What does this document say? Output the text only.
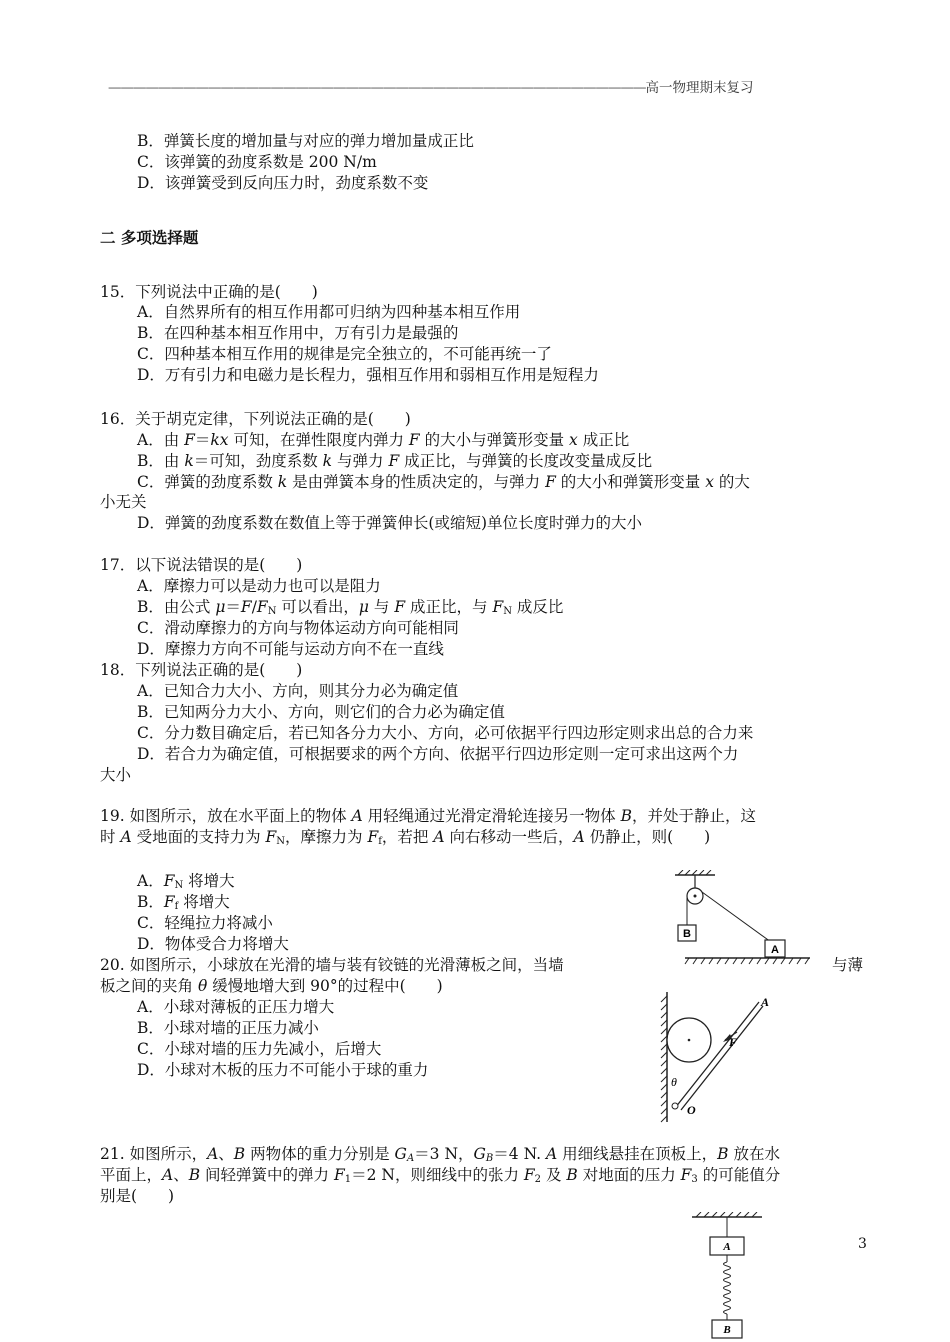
———————————————————————————————————————————高一物理期末复习
B．弹簧长度的增加量与对应的弹力增加量成正比
C．该弹簧的劲度系数是 200 N/m
D．该弹簧受到反向压力时，劲度系数不变
二 多项选择题
15．下列说法中正确的是(　　)
A．自然界所有的相互作用都可归纳为四种基本相互作用
B．在四种基本相互作用中，万有引力是最强的
C．四种基本相互作用的规律是完全独立的，不可能再统一了
D．万有引力和电磁力是长程力，强相互作用和弱相互作用是短程力
16．关于胡克定律，下列说法正确的是(　　)
A．由 F＝kx 可知，在弹性限度内弹力 F 的大小与弹簧形变量 x 成正比
B．由 k＝可知，劲度系数 k 与弹力 F 成正比，与弹簧的长度改变量成反比
C．弹簧的劲度系数 k 是由弹簧本身的性质决定的，与弹力 F 的大小和弹簧形变量 x 的大
小无关
D．弹簧的劲度系数在数值上等于弹簧伸长(或缩短)单位长度时弹力的大小
17．以下说法错误的是(　　)
A．摩擦力可以是动力也可以是阻力
B．由公式 $\mu=F/F_N$ 可以看出，μ 与 F 成正比，与 $F_N$ 成反比
C．滑动摩擦力的方向与物体运动方向可能相同
D．摩擦力方向不可能与运动方向不在一直线
18．下列说法正确的是(　　)
A．已知合力大小、方向，则其分力必为确定值
B．已知两分力大小、方向，则它们的合力必为确定值
C．分力数目确定后，若已知各分力大小、方向，必可依据平行四边形定则求出总的合力来
D．若合力为确定值，可根据要求的两个方向、依据平行四边形定则一定可求出这两个力
大小
19. 如图所示，放在水平面上的物体 A 用轻绳通过光滑定滑轮连接另一物体 B，并处于静止，这
时 A 受地面的支持力为 $F_N$，摩擦力为 $F_f$，若把 A 向右移动一些后，A 仍静止，则(　　)
A．$F_N$ 将增大
B．$F_f$ 将增大
C．轻绳拉力将减小
D．物体受合力将增大
20. 如图所示，小球放在光滑的墙与装有铰链的光滑薄板之间，当墙	与薄
板之间的夹角 θ 缓慢地增大到 90°的过程中(　　)
A．小球对薄板的正压力增大
B．小球对墙的正压力减小
C．小球对墙的压力先减小，后增大
D．小球对木板的压力不可能小于球的重力
21. 如图所示，A、B 两物体的重力分别是 $G_A=3$ N，$G_B=4$ N. A 用细线悬挂在顶板上，B 放在水
平面上，A、B 间轻弹簧中的弹力 $F_1=2$ N，则细线中的张力 $F_2$ 及 B 对地面的压力 $F_3$ 的可能值分
别是(　　)
B
A
A
F
θ
O
A
B
3
